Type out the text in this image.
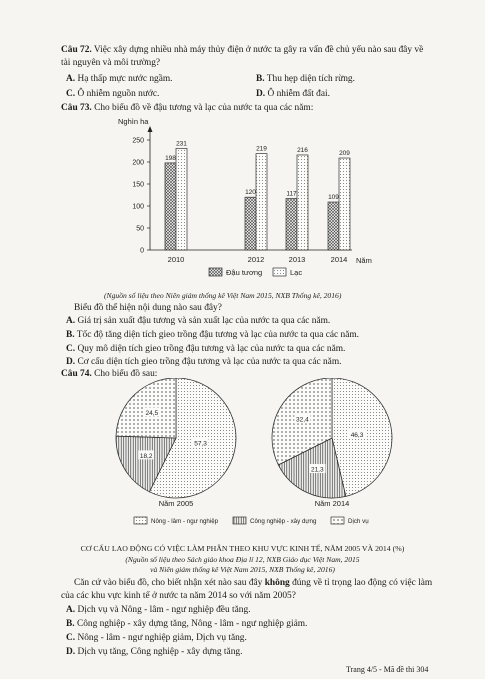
Câu 72. Việc xây dựng nhiều nhà máy thủy điện ở nước ta gây ra vấn đề chủ yếu nào sau đây về
tài nguyên và môi trường?
A. Hạ thấp mực nước ngầm.	B. Thu hẹp diện tích rừng.
C. Ô nhiễm nguồn nước.	D. Ô nhiễm đất đai.
Câu 73. Cho biểu đồ về đậu tương và lạc của nước ta qua các năm:
Nghìn ha
Năm
0
50
100
150
200
250
2010	2012	2013	2014
198
231
120
219
117
216
109
209
Đậu tương	Lạc
(Nguồn số liệu theo Niên giám thống kê Việt Nam 2015, NXB Thống kê, 2016)
Biểu đồ thể hiện nội dung nào sau đây?
A. Giá trị sản xuất đậu tương và sản xuất lạc của nước ta qua các năm.
B. Tốc độ tăng diện tích gieo trồng đậu tương và lạc của nước ta qua các năm.
C. Quy mô diện tích gieo trồng đậu tương và lạc của nước ta qua các năm.
D. Cơ cấu diện tích gieo trồng đậu tương và lạc của nước ta qua các năm.
Câu 74. Cho biểu đồ sau:
57,3
18,2
24,5
46,3
21,3
32,4
Năm 2005	Năm 2014
Nông - lâm - ngư nghiệp	Công nghiệp - xây dựng	Dịch vụ
CƠ CẤU LAO ĐỘNG CÓ VIỆC LÀM PHÂN THEO KHU VỰC KINH TẾ, NĂM 2005 VÀ 2014 (%)
(Nguồn số liệu theo Sách giáo khoa Địa lí 12, NXB Giáo dục Việt Nam, 2015
và Niên giám thống kê Việt Nam 2015, NXB Thống kê, 2016)
Căn cứ vào biểu đồ, cho biết nhận xét nào sau đây không đúng về tỉ trọng lao động có việc làm
của các khu vực kinh tế ở nước ta năm 2014 so với năm 2005?
A. Dịch vụ và Nông - lâm - ngư nghiệp đều tăng.
B. Công nghiệp - xây dựng tăng, Nông - lâm - ngư nghiệp giảm.
C. Nông - lâm - ngư nghiệp giảm, Dịch vụ tăng.
D. Dịch vụ tăng, Công nghiệp - xây dựng tăng.
Trang 4/5 - Mã đề thi 304
